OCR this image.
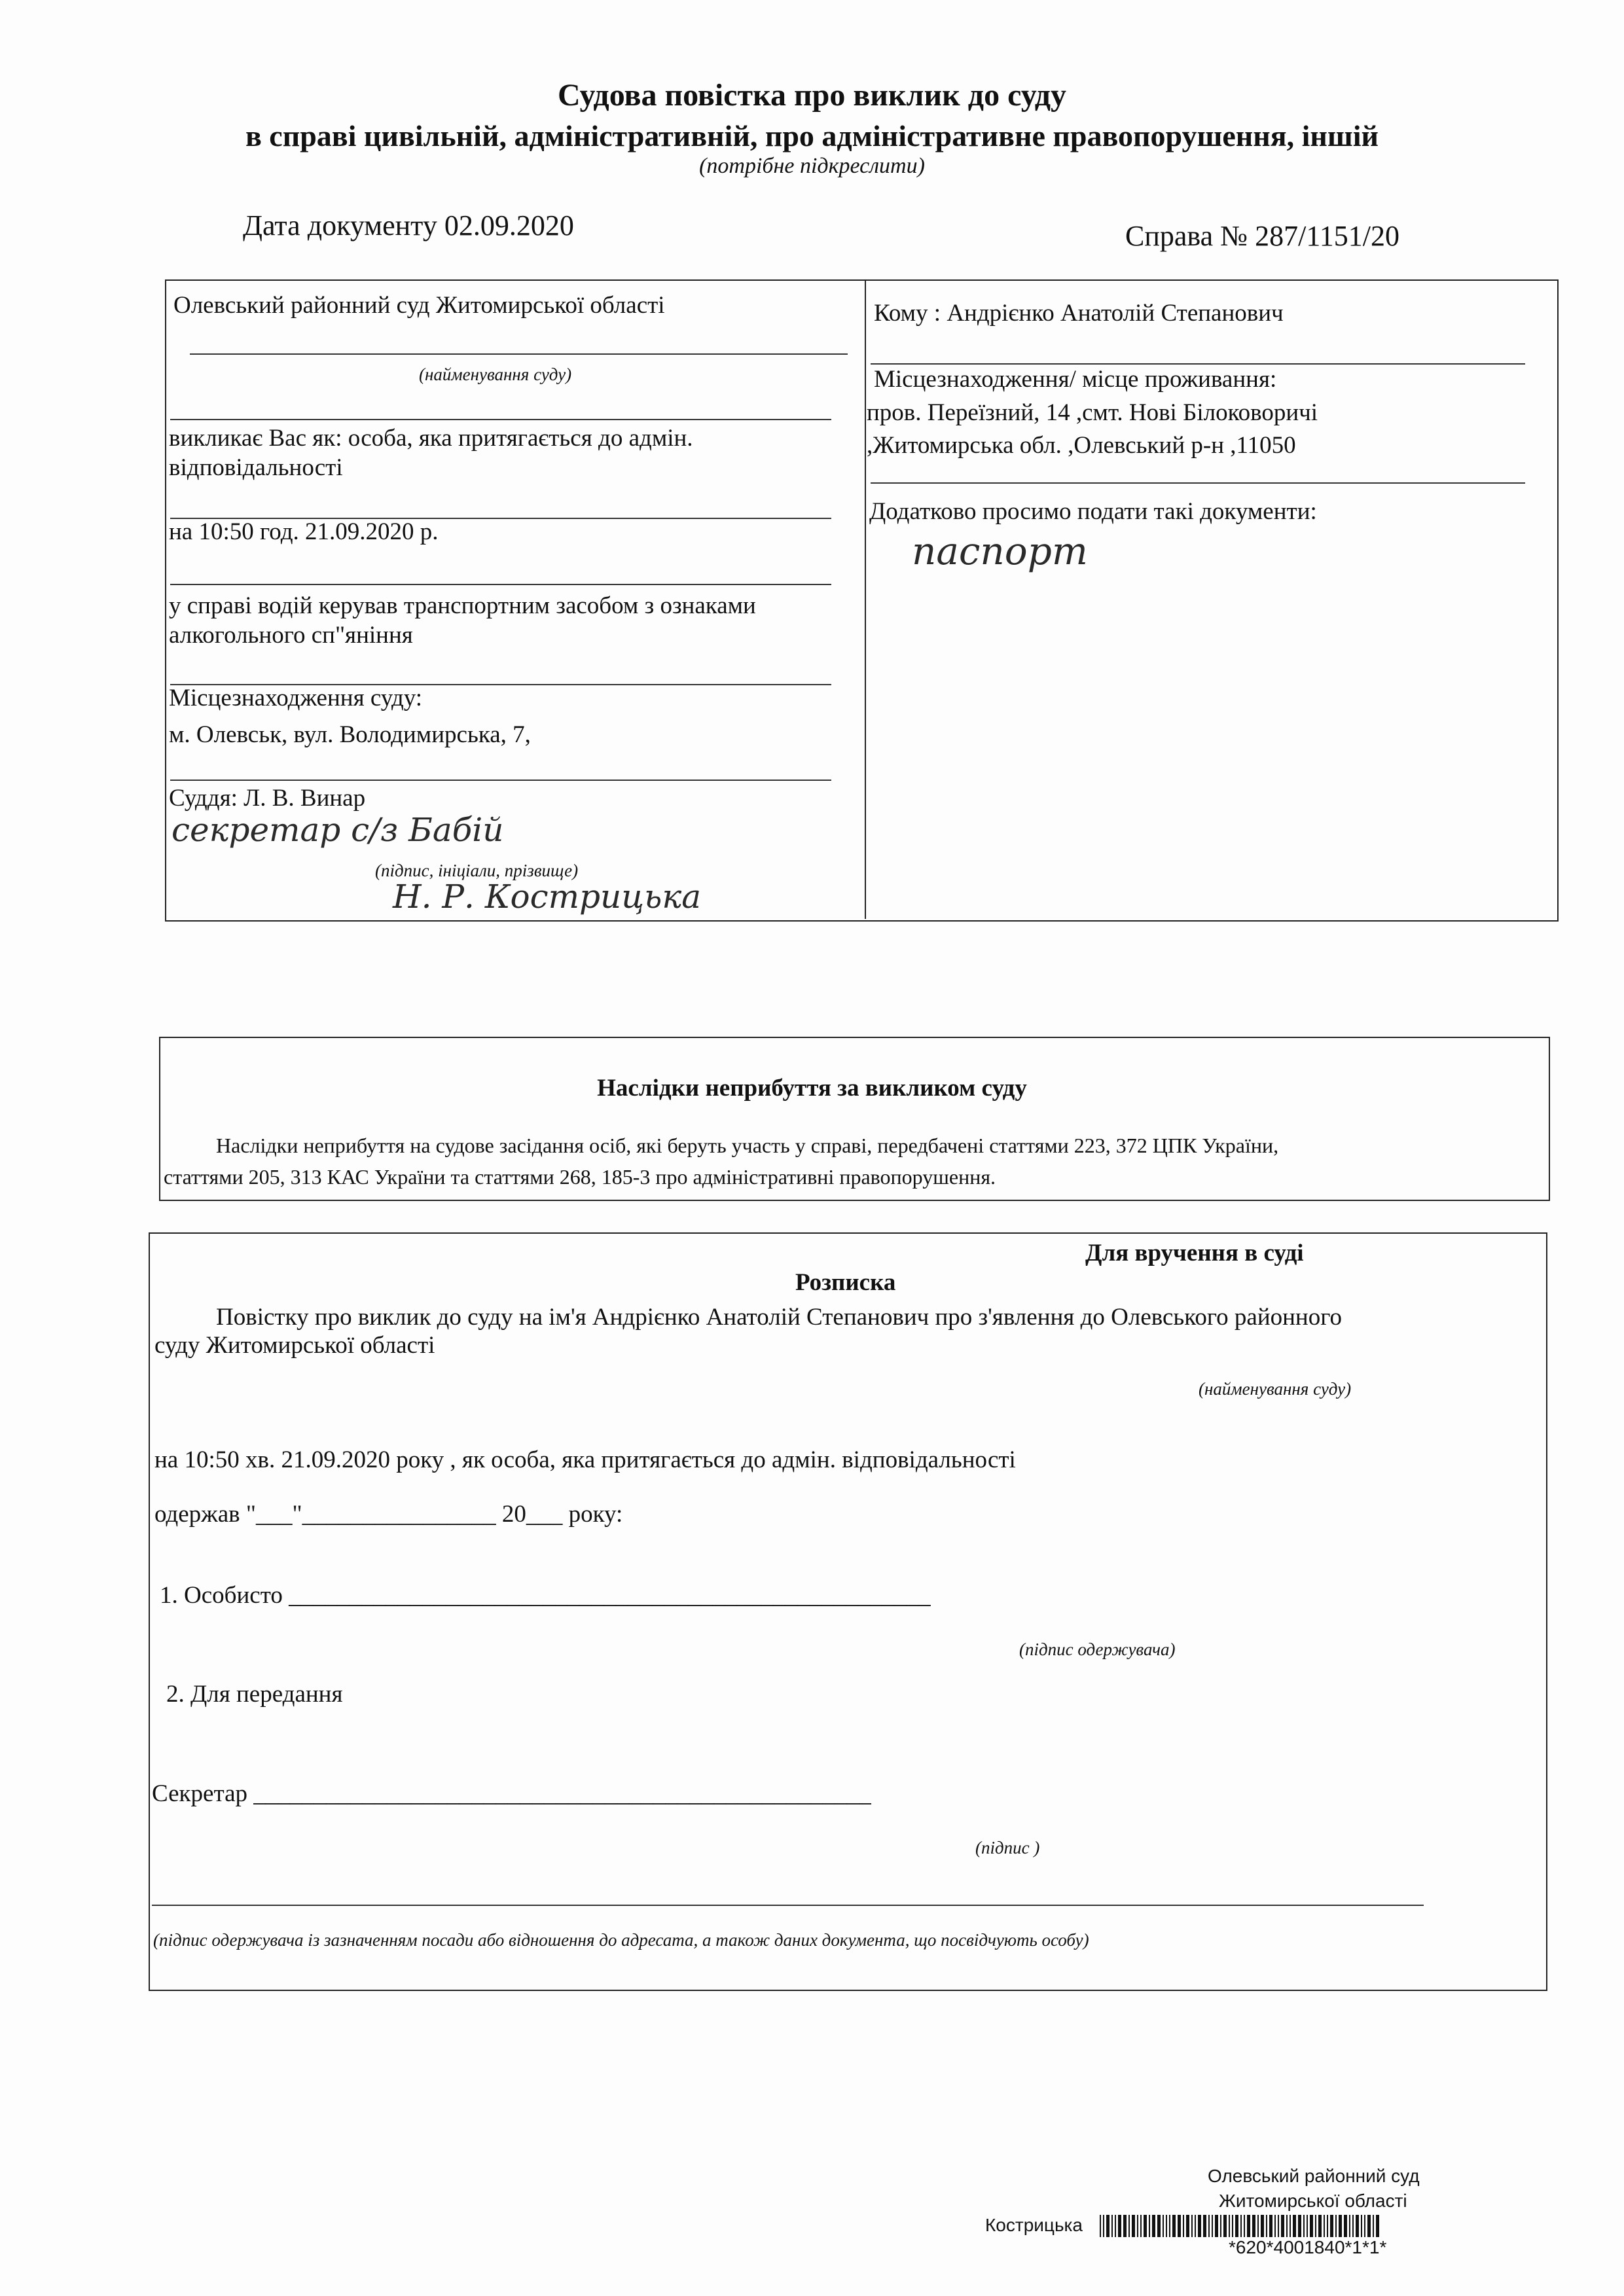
Судова повістка про виклик до суду
в справі цивільній, адміністративній, про адміністративне правопорушення, іншій
(потрібне підкреслити)
Дата документу 02.09.2020	Справа № 287/1151/20
Олевський районний суд Житомирської області
(найменування суду)
викликає Вас як: особа, яка притягається до адмін.
відповідальності
на 10:50 год. 21.09.2020 р.
у справі водій керував транспортним засобом з ознаками
алкогольного сп"яніння
Місцезнаходження суду:
м. Олевськ, вул. Володимирська, 7,
Суддя: Л. В. Винар
секретар с/з Бабій
(підпис, ініціали, прізвище)
Н. Р. Кострицька
Кому : Андрієнко Анатолій Степанович
Місцезнаходження/ місце проживання:
пров. Переїзний, 14 ,смт. Нові Білоковоричі
,Житомирська обл. ,Олевський р-н ,11050
Додатково просимо подати такі документи:
паспорт
Наслідки неприбуття за викликом суду
Наслідки неприбуття на судове засідання осіб, які беруть участь у справі, передбачені статтями 223, 372 ЦПК України,
статтями 205, 313 КАС України та статтями 268, 185-3 про адміністративні правопорушення.
Для вручення в суді
Розписка
Повістку про виклик до суду на ім'я Андрієнко Анатолій Степанович про з'явлення до Олевського районного
суду Житомирської області
(найменування суду)
на 10:50 хв. 21.09.2020 року , як особа, яка притягається до адмін. відповідальності
одержав "___"________________ 20___ року:
1. Особисто _____________________________________________________
(підпис одержувача)
2. Для передання
Секретар ___________________________________________________
(підпис )
(підпис одержувача із зазначенням посади або відношення до адресата, а також даних документа, що посвідчують особу)
Олевський районний суд
Житомирської області
Кострицька
*620*4001840*1*1*
